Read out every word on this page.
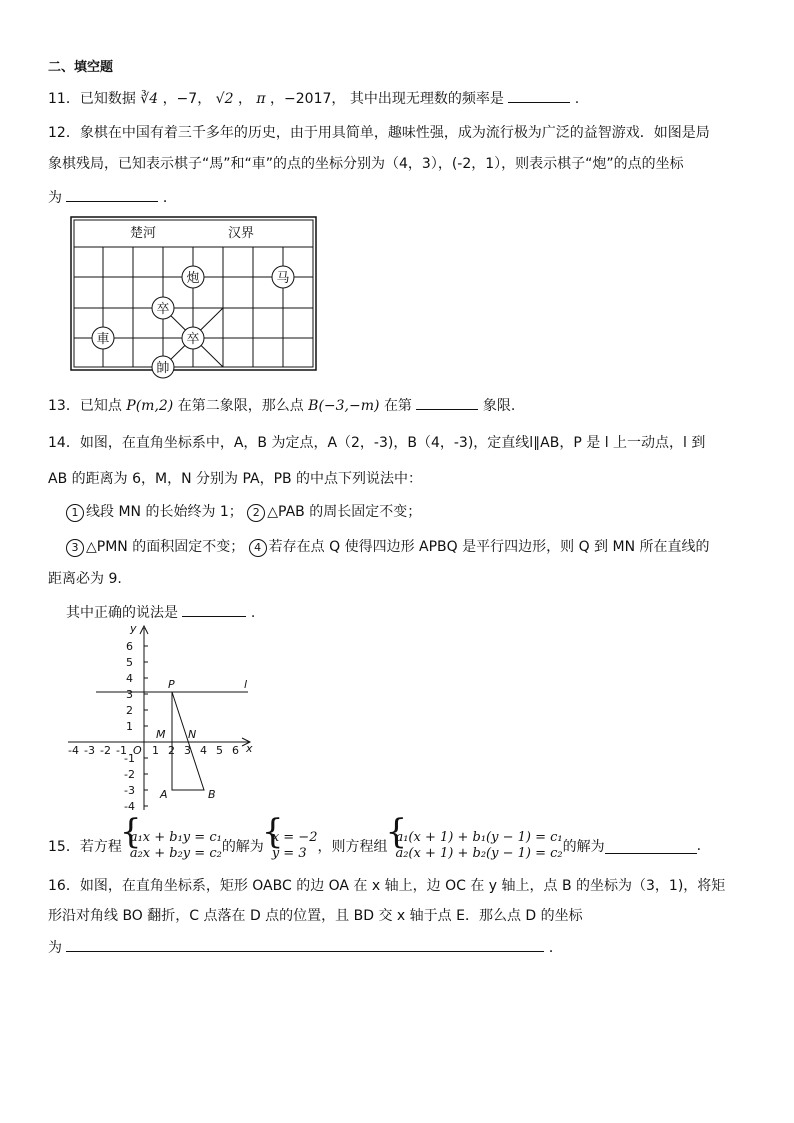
二、填空题
11．已知数据 ∛4 ，−7， √2 ， π ，−2017， 其中出现无理数的频率是	.
12．象棋在中国有着三千多年的历史，由于用具简单，趣味性强，成为流行极为广泛的益智游戏．如图是局
象棋残局，已知表示棋子“馬”和“車”的点的坐标分别为（4，3），(-2，1），则表示棋子“炮”的点的坐标
为	．
楚河	汉界
炮	马
卒
車	卒
帥
13．已知点 P(m,2) 在第二象限，那么点 B(−3,−m) 在第	象限.
14．如图，在直角坐标系中，A，B 为定点，A（2，-3)，B（4，-3)，定直线l∥AB，P 是 l 上一动点，l 到
AB 的距离为 6，M，N 分别为 PA，PB 的中点下列说法中：
1 线段 MN 的长始终为 1； 2 △PAB 的周长固定不变；
3 △PMN 的面积固定不变； 4 若存在点 Q 使得四边形 APBQ 是平行四边形，则 Q 到 MN 所在直线的
距离必为 9.
其中正确的说法是	.
y
x
6
5
4
3
2
1
-1
-2
-3
-4
-4 -3 -2 -1 O 1 2 3 4 5 6
P	l
M N
A	B
15．若方程
{ a₁x + b₁y = c₁
a₂x + b₂y = c₂ 的解为
{ x = −2
y = 3 ，则方程组
{ a₁(x + 1) + b₁(y − 1) = c₁
a₂(x + 1) + b₂(y − 1) = c₂ 的解为	.
16．如图，在直角坐标系，矩形 OABC 的边 OA 在 x 轴上，边 OC 在 y 轴上，点 B 的坐标为（3，1)，将矩
形沿对角线 BO 翻折，C 点落在 D 点的位置，且 BD 交 x 轴于点 E．那么点 D 的坐标
为	．
